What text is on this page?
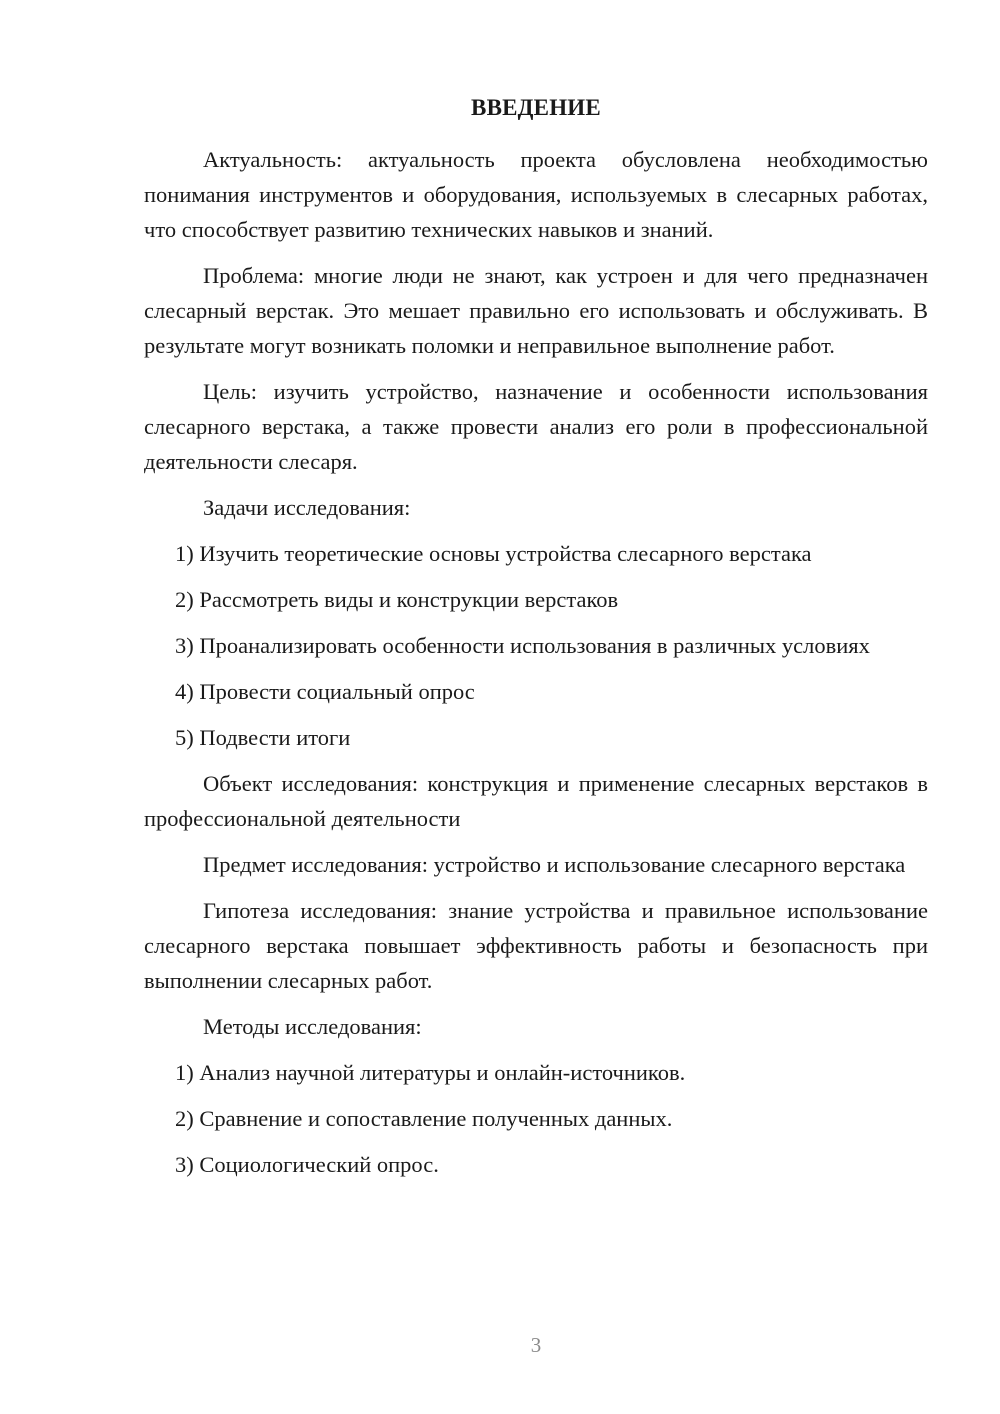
ВВЕДЕНИЕ

Актуальность: актуальность проекта обусловлена необходимостью понимания инструментов и оборудования, используемых в слесарных работах, что способствует развитию технических навыков и знаний.

Проблема: многие люди не знают, как устроен и для чего предназначен слесарный верстак. Это мешает правильно его использовать и обслуживать. В результате могут возникать поломки и неправильное выполнение работ.

Цель: изучить устройство, назначение и особенности использования слесарного верстака, а также провести анализ его роли в профессиональной деятельности слесаря.

Задачи исследования:

1) Изучить теоретические основы устройства слесарного верстака

2) Рассмотреть виды и конструкции верстаков

3) Проанализировать особенности использования в различных условиях

4) Провести социальный опрос

5) Подвести итоги

Объект исследования: конструкция и применение слесарных верстаков в профессиональной деятельности

Предмет исследования: устройство и использование слесарного верстака

Гипотеза исследования: знание устройства и правильное использование слесарного верстака повышает эффективность работы и безопасность при выполнении слесарных работ.

Методы исследования:

1) Анализ научной литературы и онлайн-источников.

2) Сравнение и сопоставление полученных данных.

3) Социологический опрос.

3
